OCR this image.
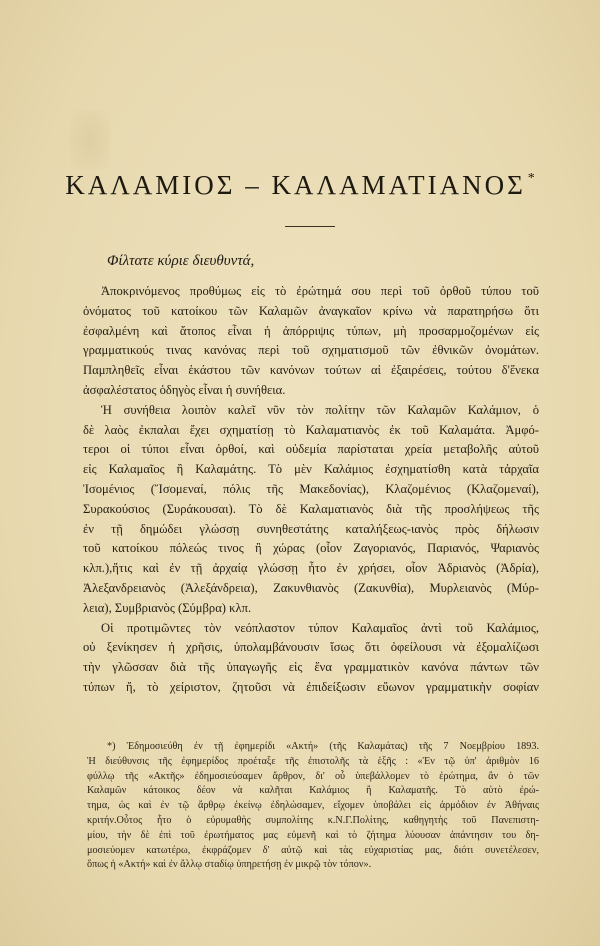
ΚΑΛΑΜΙΟΣ – ΚΑΛΑΜΑΤΙΑΝΟΣ *
Φίλτατε κύριε διευθυντά,
Ἀποκρινόμενος προθύμως εἰς τὸ ἐρώτημά σου περὶ τοῦ ὀρθοῦ τύπου τοῦ
ὀνόματος τοῦ κατοίκου τῶν Καλαμῶν ἀναγκαῖον κρίνω νὰ παρατηρήσω ὅτι
ἐσφαλμένη καὶ ἄτοπος εἶναι ἡ ἀπόρριψις τύπων, μὴ προσαρμοζομένων εἰς
γραμματικούς τινας κανόνας περὶ τοῦ σχηματισμοῦ τῶν ἐθνικῶν ὀνομάτων.
Παμπληθεῖς εἶναι ἑκάστου τῶν κανόνων τούτων αἱ ἐξαιρέσεις, τούτου δ'ἕνεκα
ἀσφαλέστατος ὁδηγὸς εἶναι ἡ συνήθεια.
Ἡ συνήθεια λοιπὸν καλεῖ νῦν τὸν πολίτην τῶν Καλαμῶν Καλάμιον, ὁ
δὲ λαὸς ἐκπαλαι ἔχει σχηματίσῃ τὸ Καλαματιανὸς ἐκ τοῦ Καλαμάτα. Ἀμφό-
τεροι οἱ τύποι εἶναι ὀρθοί, καὶ οὐδεμία παρίσταται χρεία μεταβολῆς αὐτοῦ
εἰς Καλαμαῖος ἢ Καλαμάτης. Τὸ μὲν Καλάμιος ἐσχηματίσθη κατὰ τἀρχαῖα
Ἰσομένιος (Ἴσομεναί, πόλις τῆς Μακεδονίας), Κλαζομένιος (Κλαζομεναί),
Συρακούσιος (Συράκουσαι). Τὸ δὲ Καλαματιανὸς διὰ τῆς προσλήψεως τῆς
ἐν τῇ δημώδει γλώσσῃ συνηθεστάτης καταλήξεως-ιανὸς πρὸς δήλωσιν
τοῦ κατοίκου πόλεώς τινος ἢ χώρας (οἷον Ζαγοριανός, Παριανός, Ψαριανὸς
κλπ.),ἥτις καὶ ἐν τῇ ἀρχαίᾳ γλώσσῃ ἦτο ἐν χρήσει, οἷον Ἀδριανὸς (Ἀδρία),
Ἀλεξανδρειανὸς (Ἀλεξάνδρεια), Ζακυνθιανὸς (Ζακυνθία), Μυρλειανὸς (Μύρ-
λεια), Συμβριανὸς (Σύμβρα) κλπ.
Οἱ προτιμῶντες τὸν νεόπλαστον τύπον Καλαμαῖος ἀντὶ τοῦ Καλάμιος,
οὐ ξενίκησεν ἡ χρῆσις, ὑπολαμβάνουσιν ἴσως ὅτι ὀφείλουσι νὰ ἐξομαλίζωσι
τὴν γλῶσσαν διὰ τῆς ὑπαγωγῆς εἰς ἕνα γραμματικὸν κανόνα πάντων τῶν
τύπων ἤ, τὸ χείριστον, ζητοῦσι νὰ ἐπιδείξωσιν εὔωνον γραμματικὴν σοφίαν
*) Ἐδημοσιεύθη ἐν τῇ ἐφημερίδι «Ακτή» (τῆς Καλαμάτας) τῆς 7 Νοεμβρίου 1893.
Ἡ διεύθυνσις τῆς ἐφημερίδος προέταξε τῆς ἐπιστολῆς τὰ ἑξῆς : «Ἐν τῷ ὑπ' ἀριθμὸν 16
φύλλῳ τῆς «Ακτῆς» ἐδημοσιεύσαμεν ἄρθρον, δι' οὗ ὑπεβάλλομεν τὸ ἐρώτημα, ἂν ὁ τῶν
Καλαμῶν κάτοικος δέον νὰ καλῆται Καλάμιος ἢ Καλαματῆς. Τὸ αὐτὸ ἐρώ-
τημα, ὡς καὶ ἐν τῷ ἄρθρῳ ἐκείνῳ ἐδηλώσαμεν, εἴχομεν ὑποβάλει εἰς ἁρμόδιον ἐν Ἀθήναις
κριτήν.Οὗτος ἦτο ὁ εὐρυμαθὴς συμπολίτης κ.Ν.Γ.Πολίτης, καθηγητὴς τοῦ Πανεπιστη-
μίου, τὴν δὲ ἐπὶ τοῦ ἐρωτήματος μας εὐμενῆ καὶ τὸ ζήτημα λύουσαν ἀπάντησιν του δη-
μοσιεύομεν κατωτέρω, ἐκφράζομεν δ' αὐτῷ καὶ τὰς εὐχαριστίας μας, διότι συνετέλεσεν,
ὅπως ἡ «Ακτή» καὶ ἐν ἄλλῳ σταδίῳ ὑπηρετήσῃ ἐν μικρῷ τὸν τόπον».
